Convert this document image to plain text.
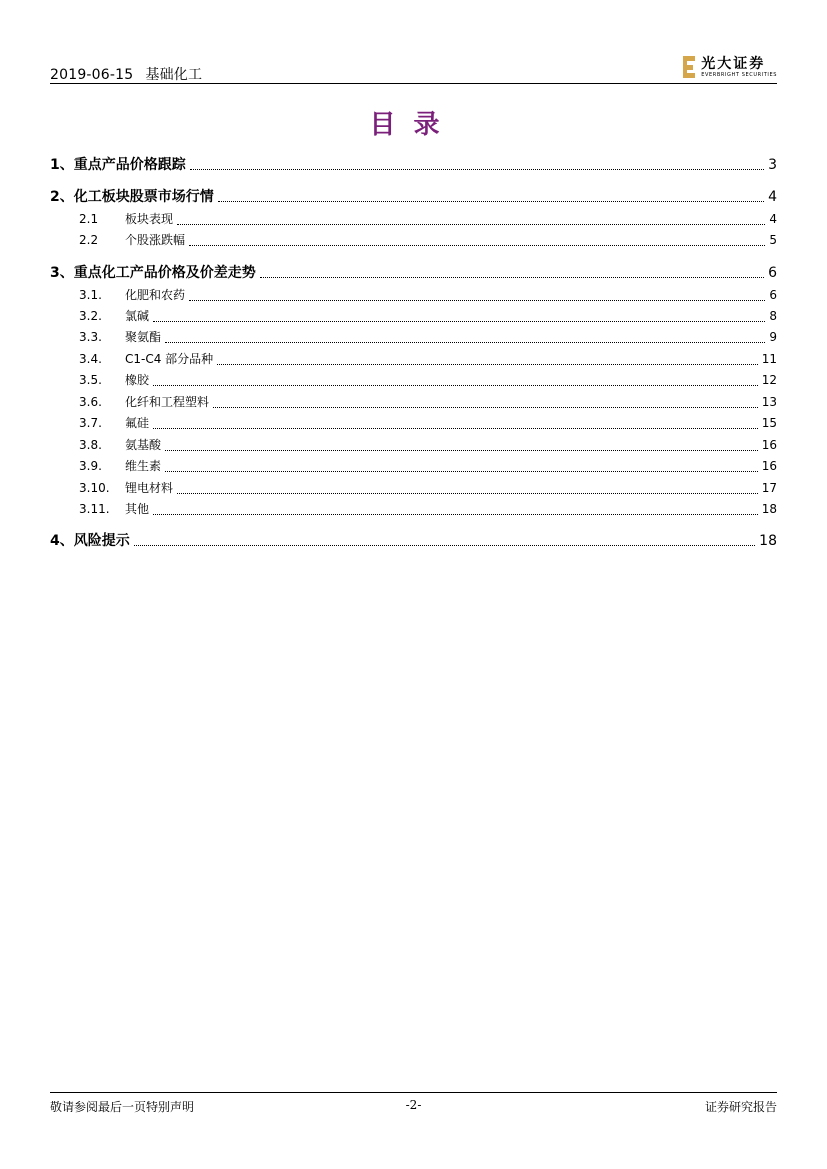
2019-06-15 基础化工
光大证券
EVERBRIGHT SECURITIES
目录
1、 重点产品价格跟踪	3
2、 化工板块股票市场行情	4
2.1	板块表现	4
2.2	个股涨跌幅	5
3、 重点化工产品价格及价差走势	6
3.1.	化肥和农药	6
3.2.	氯碱	8
3.3.	聚氨酯	9
3.4.	C1-C4 部分品种	11
3.5.	橡胶	12
3.6.	化纤和工程塑料	13
3.7.	氟硅	15
3.8.	氨基酸	16
3.9.	维生素	16
3.10.	锂电材料	17
3.11.	其他	18
4、 风险提示	18
敬请参阅最后一页特别声明	-2-	证券研究报告
